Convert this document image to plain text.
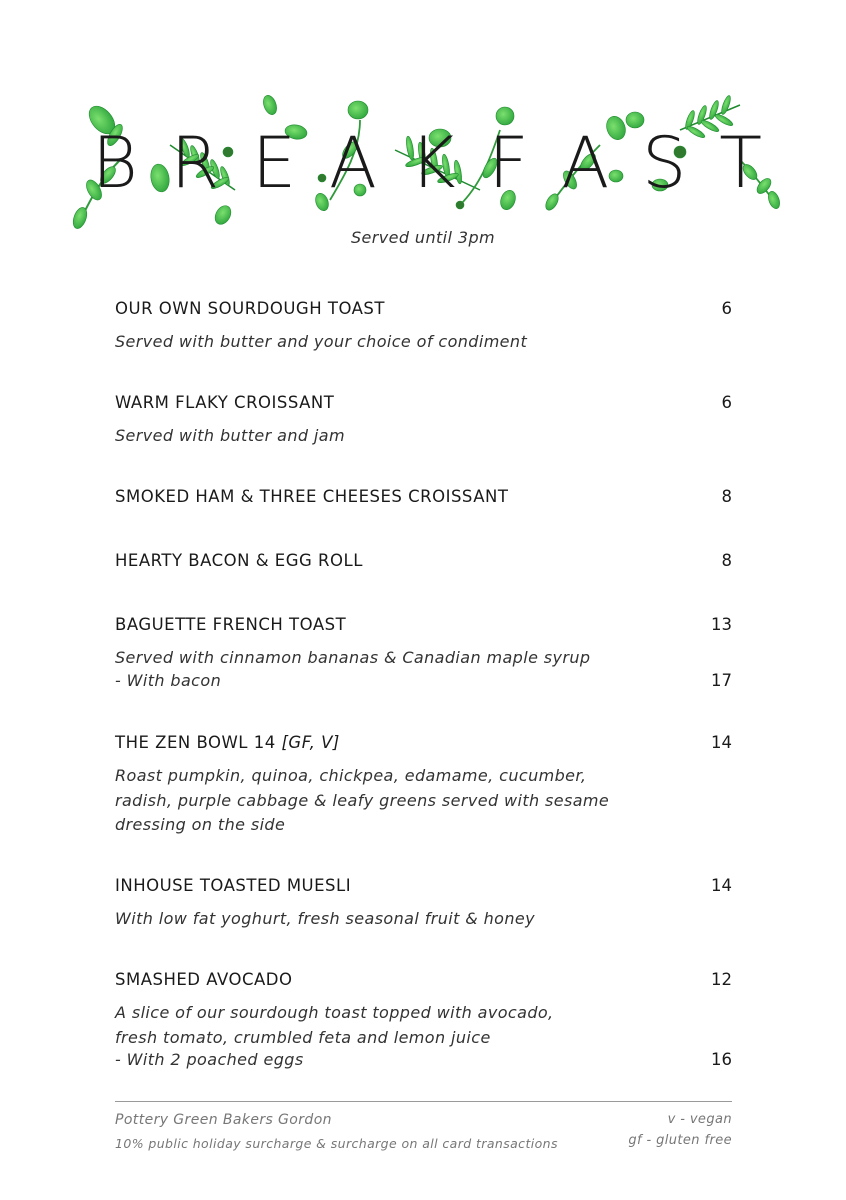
B R E A K F A S T
Served until 3pm
OUR OWN SOURDOUGH TOAST	6
Served with butter and your choice of condiment
WARM FLAKY CROISSANT	6
Served with butter and jam
SMOKED HAM & THREE CHEESES CROISSANT	8
HEARTY BACON & EGG ROLL	8
BAGUETTE FRENCH TOAST	13
Served with cinnamon bananas & Canadian maple syrup
- With bacon	17
THE ZEN BOWL 14 [GF, V]	14
Roast pumpkin, quinoa, chickpea, edamame, cucumber,
radish, purple cabbage & leafy greens served with sesame
dressing on the side
INHOUSE TOASTED MUESLI	14
With low fat yoghurt, fresh seasonal fruit & honey
SMASHED AVOCADO	12
A slice of our sourdough toast topped with avocado,
fresh tomato, crumbled feta and lemon juice
- With 2 poached eggs	16
Pottery Green Bakers Gordon
10% public holiday surcharge & surcharge on all card transactions
v - vegan
gf - gluten free
